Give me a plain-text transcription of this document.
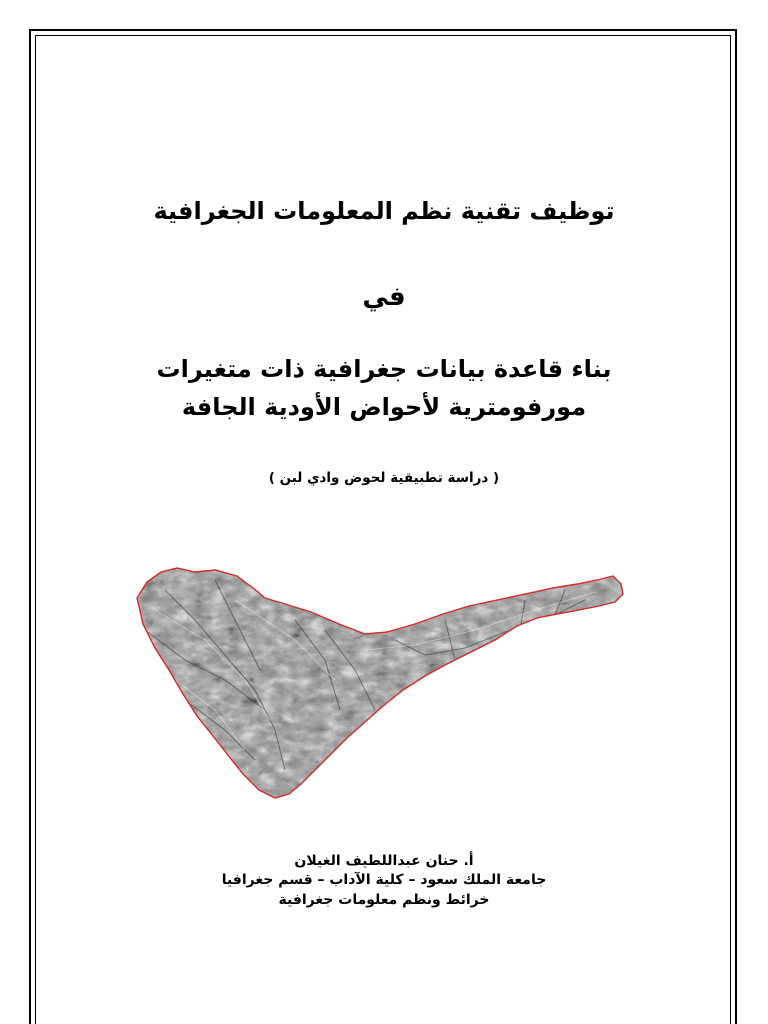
توظيف تقنية نظم المعلومات الجغرافية
في
بناء قاعدة بيانات جغرافية ذات متغيرات
مورفومترية لأحواض الأودية الجافة
( دراسة تطبيقية لحوض وادي لبن )
أ. حنان عبداللطيف الغيلان
جامعة الملك سعود – كلية الآداب – قسم جغرافيا
خرائط ونظم معلومات جغرافية
